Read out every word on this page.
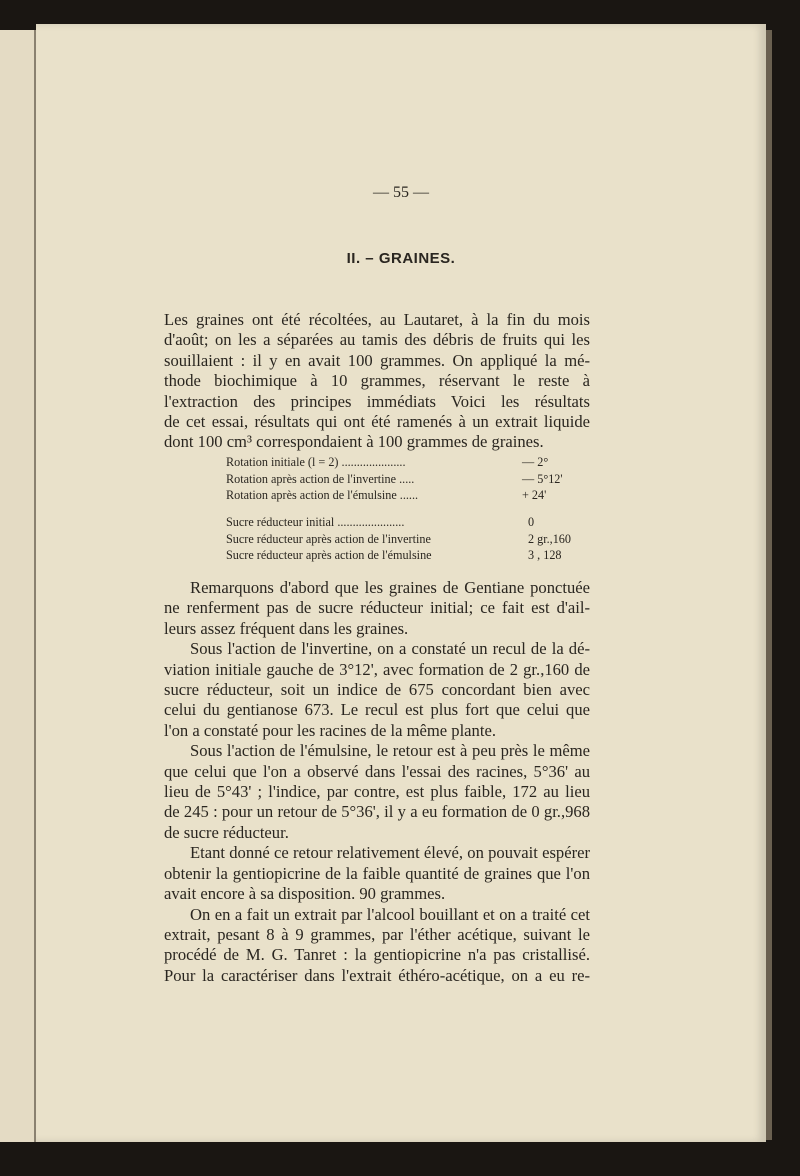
— 55 —
II. – GRAINES.
Les graines ont été récoltées, au Lautaret, à la fin du mois
d'août; on les a séparées au tamis des débris de fruits qui les
souillaient : il y en avait 100 grammes. On appliqué la mé-
thode biochimique à 10 grammes, réservant le reste à
l'extraction des principes immédiats Voici les résultats
de cet essai, résultats qui ont été ramenés à un extrait liquide
dont 100 cm³ correspondaient à 100 grammes de graines.
Rotation initiale (l = 2) .....................	— 2°
Rotation après action de l'invertine .....	— 5°12'
Rotation après action de l'émulsine ......	+ 24'
Sucre réducteur initial ......................	0
Sucre réducteur après action de l'invertine	2 gr.,160
Sucre réducteur après action de l'émulsine	3 , 128
Remarquons d'abord que les graines de Gentiane ponctuée
ne renferment pas de sucre réducteur initial; ce fait est d'ail-
leurs assez fréquent dans les graines.
Sous l'action de l'invertine, on a constaté un recul de la dé-
viation initiale gauche de 3°12', avec formation de 2 gr.,160 de
sucre réducteur, soit un indice de 675 concordant bien avec
celui du gentianose 673. Le recul est plus fort que celui que
l'on a constaté pour les racines de la même plante.
Sous l'action de l'émulsine, le retour est à peu près le même
que celui que l'on a observé dans l'essai des racines, 5°36' au
lieu de 5°43' ; l'indice, par contre, est plus faible, 172 au lieu
de 245 : pour un retour de 5°36', il y a eu formation de 0 gr.,968
de sucre réducteur.
Etant donné ce retour relativement élevé, on pouvait espérer
obtenir la gentiopicrine de la faible quantité de graines que l'on
avait encore à sa disposition. 90 grammes.
On en a fait un extrait par l'alcool bouillant et on a traité cet
extrait, pesant 8 à 9 grammes, par l'éther acétique, suivant le
procédé de M. G. Tanret : la gentiopicrine n'a pas cristallisé.
Pour la caractériser dans l'extrait éthéro-acétique, on a eu re-
